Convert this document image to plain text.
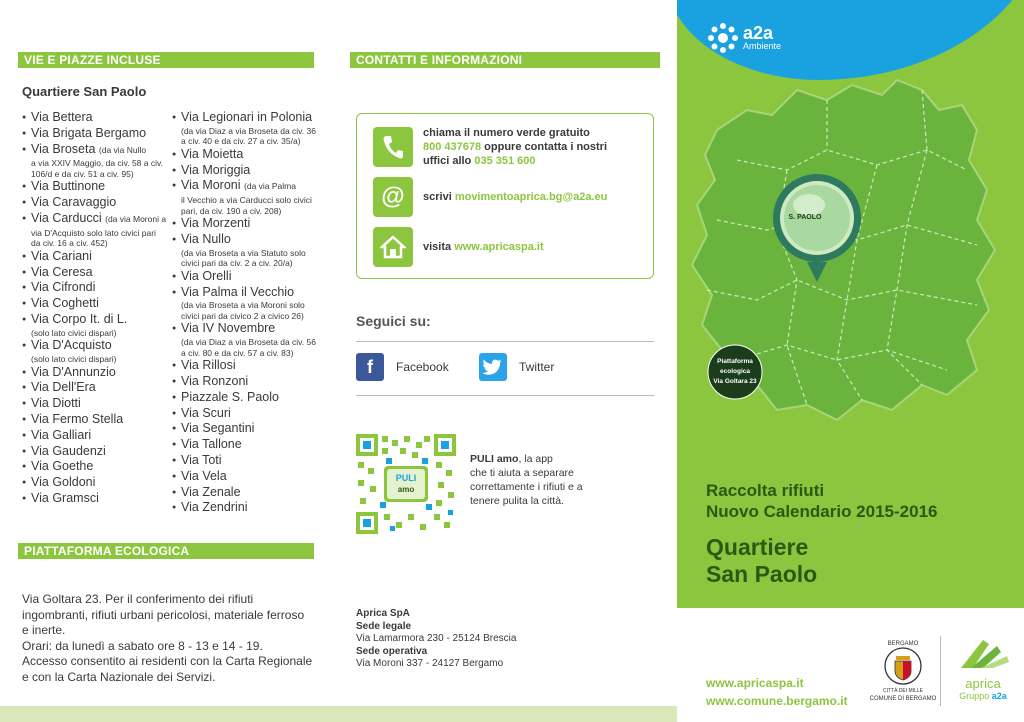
VIE E PIAZZE INCLUSE
Quartiere San Paolo
● Via Bettera
● Via Brigata Bergamo
● Via Broseta (da via Nullo
a via XXIV Maggio, da civ. 58 a civ. 106/d e da civ. 51 a civ. 95)
● Via Buttinone
● Via Caravaggio
● Via Carducci (da via Moroni a
via D'Acquisto solo lato civici pari da civ. 16 a civ. 452)
● Via Cariani
● Via Ceresa
● Via Cifrondi
● Via Coghetti
● Via Corpo It. di L.
(solo lato civici dispari)
● Via D'Acquisto
(solo lato civici dispari)
● Via D'Annunzio
● Via Dell'Era
● Via Diotti
● Via Fermo Stella
● Via Galliari
● Via Gaudenzi
● Via Goethe
● Via Goldoni
● Via Gramsci
● Via Legionari in Polonia
(da via Diaz a via Broseta da civ. 36 a civ. 40 e da civ. 27 a civ. 35/a)
● Via Moietta
● Via Moriggia
● Via Moroni (da via Palma
il Vecchio a via Carducci solo civici pari, da civ. 190 a civ. 208)
● Via Morzenti
● Via Nullo
(da via Broseta a via Statuto solo civici pari da civ. 2 a civ. 20/a)
● Via Orelli
● Via Palma il Vecchio
(da via Broseta a via Moroni solo civici pari da civico 2 a civico 26)
● Via IV Novembre
(da via Diaz a via Broseta da civ. 56 a civ. 80 e da civ. 57 a civ. 83)
● Via Rillosi
● Via Ronzoni
● Piazzale S. Paolo
● Via Scuri
● Via Segantini
● Via Tallone
● Via Toti
● Via Vela
● Via Zenale
● Via Zendrini
PIATTAFORMA ECOLOGICA
Via Goltara 23. Per il conferimento dei rifiuti
ingombranti, rifiuti urbani pericolosi, materiale ferroso
e inerte.
Orari: da lunedì a sabato ore 8 - 13 e 14 - 19.
Accesso consentito ai residenti con la Carta Regionale
e con la Carta Nazionale dei Servizi.
CONTATTI E INFORMAZIONI
chiama il numero verde gratuito
800 437678 oppure contatta i nostri
uffici allo 035 351 600
@	scrivi movimentoaprica.bg@a2a.eu
visita www.apricaspa.it
Seguici su:
f	Facebook	Twitter
PULI
amo
PULI amo, la app
che ti aiuta a separare
correttamente i rifiuti e a
tenere pulita la città.
Aprica SpA
Sede legale
Via Lamarmora 230 - 25124 Brescia
Sede operativa
Via Moroni 337 - 24127 Bergamo
a2a
Ambiente
S. PAOLO
Piattaforma
ecologica
Via Goltara 23
Raccolta rifiuti
Nuovo Calendario 2015-2016
Quartiere
San Paolo
www.apricaspa.it
www.comune.bergamo.it
BERGAMO
CITTÀ DEI MILLE
COMUNE DI BERGAMO
aprica
Gruppo a2a
